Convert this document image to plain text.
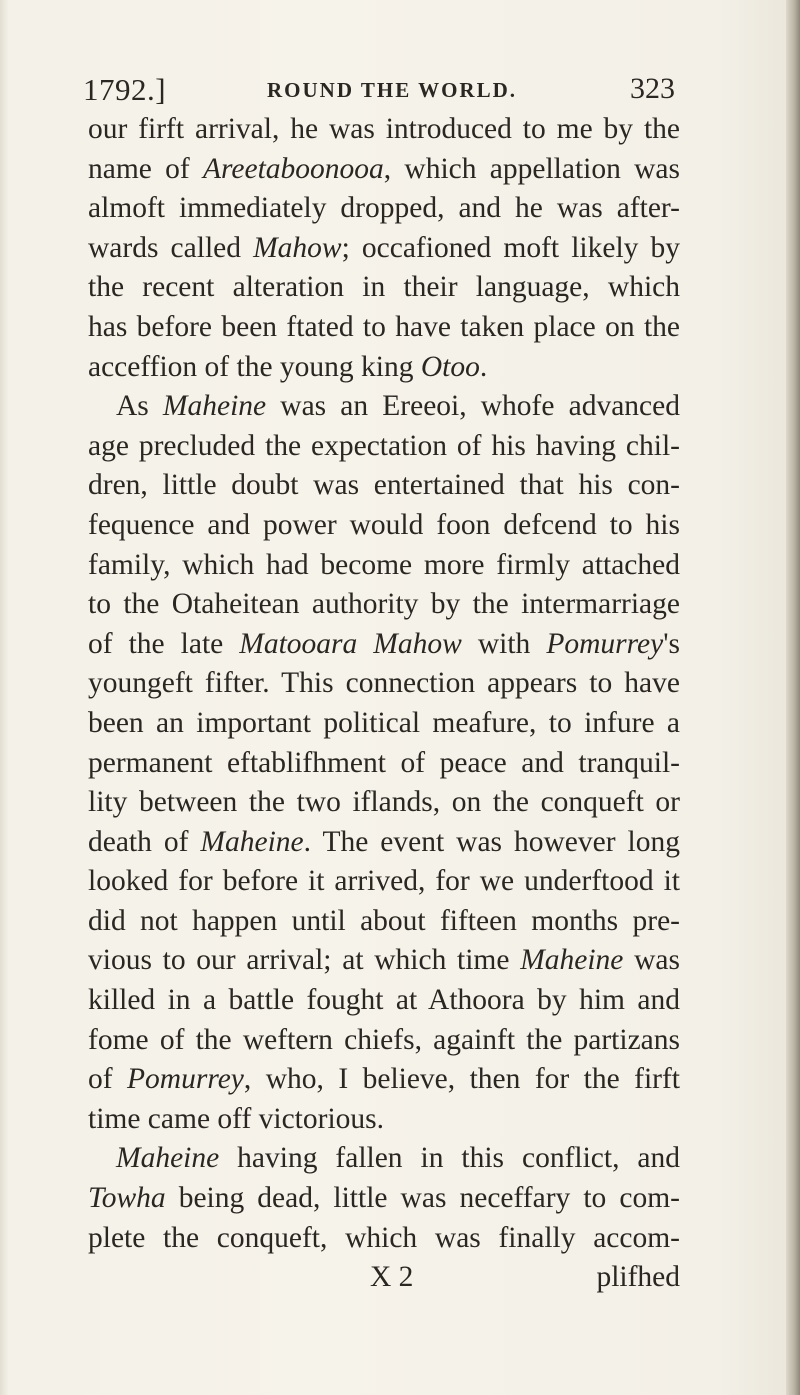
1792.]	ROUND THE WORLD.	323
our firft arrival, he was introduced to me by the
name of Areetaboonooa, which appellation was
almoft immediately dropped, and he was after-
wards called Mahow; occafioned moft likely by
the recent alteration in their language, which
has before been ftated to have taken place on the
acceffion of the young king Otoo.
As Maheine was an Ereeoi, whofe advanced
age precluded the expectation of his having chil-
dren, little doubt was entertained that his con-
fequence and power would foon defcend to his
family, which had become more firmly attached
to the Otaheitean authority by the intermarriage
of the late Matooara Mahow with Pomurrey's
youngeft fifter. This connection appears to have
been an important political meafure, to infure a
permanent eftablifhment of peace and tranquil-
lity between the two iflands, on the conqueft or
death of Maheine. The event was however long
looked for before it arrived, for we underftood it
did not happen until about fifteen months pre-
vious to our arrival; at which time Maheine was
killed in a battle fought at Athoora by him and
fome of the weftern chiefs, againft the partizans
of Pomurrey, who, I believe, then for the firft
time came off victorious.
Maheine having fallen in this conflict, and
Towha being dead, little was neceffary to com-
plete the conqueft, which was finally accom-
X 2	plifhed
